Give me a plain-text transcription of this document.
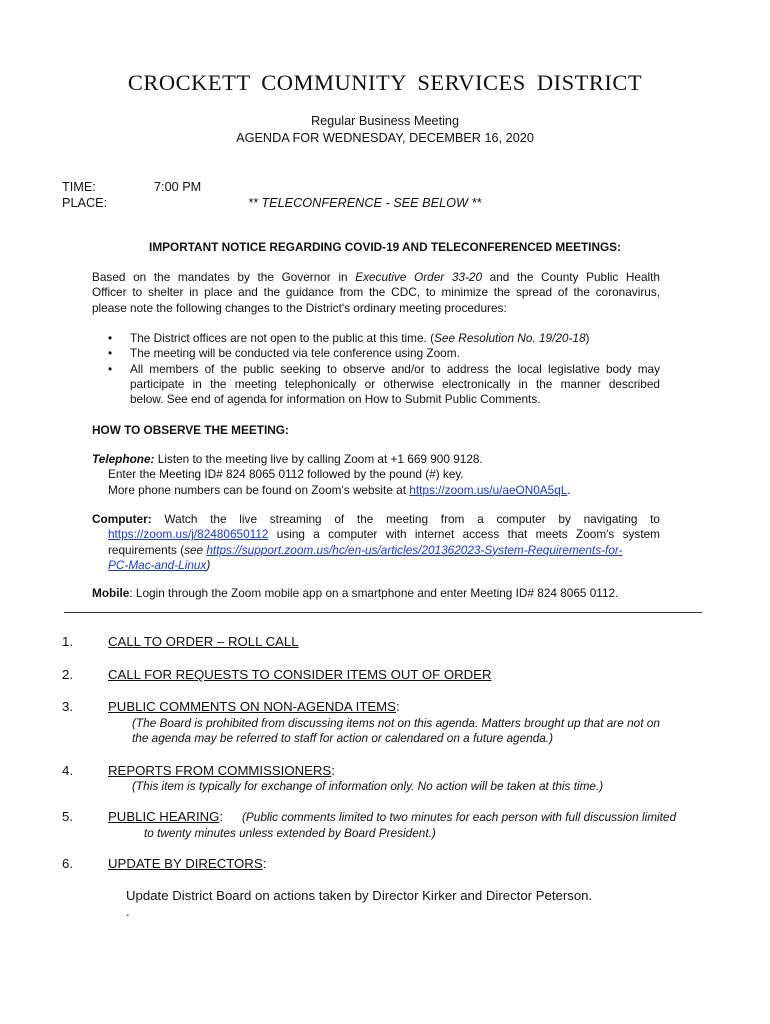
CROCKETT COMMUNITY SERVICES DISTRICT
Regular Business Meeting
AGENDA FOR WEDNESDAY, DECEMBER 16, 2020
TIME:	7:00 PM
PLACE:	** TELECONFERENCE - SEE BELOW **
IMPORTANT NOTICE REGARDING COVID-19 AND TELECONFERENCED MEETINGS:
Based on the mandates by the Governor in Executive Order 33-20 and the County Public Health
Officer to shelter in place and the guidance from the CDC, to minimize the spread of the coronavirus,
please note the following changes to the District's ordinary meeting procedures:
• The District offices are not open to the public at this time. (See Resolution No. 19/20-18)
• The meeting will be conducted via tele conference using Zoom.
• All members of the public seeking to observe and/or to address the local legislative body may
participate in the meeting telephonically or otherwise electronically in the manner described
below. See end of agenda for information on How to Submit Public Comments.
HOW TO OBSERVE THE MEETING:
Telephone: Listen to the meeting live by calling Zoom at +1 669 900 9128.
Enter the Meeting ID# 824 8065 0112 followed by the pound (#) key.
More phone numbers can be found on Zoom's website at https://zoom.us/u/aeON0A5qL.
Computer: Watch the live streaming of the meeting from a computer by navigating to
https://zoom.us/j/82480650112 using a computer with internet access that meets Zoom's system
requirements (see https://support.zoom.us/hc/en-us/articles/201362023-System-Requirements-for-
PC-Mac-and-Linux)
Mobile: Login through the Zoom mobile app on a smartphone and enter Meeting ID# 824 8065 0112.
1.	CALL TO ORDER – ROLL CALL
2.	CALL FOR REQUESTS TO CONSIDER ITEMS OUT OF ORDER
3.	PUBLIC COMMENTS ON NON-AGENDA ITEMS:
(The Board is prohibited from discussing items not on this agenda. Matters brought up that are not on
the agenda may be referred to staff for action or calendared on a future agenda.)
4.	REPORTS FROM COMMISSIONERS:
(This item is typically for exchange of information only. No action will be taken at this time.)
5.	PUBLIC HEARING: (Public comments limited to two minutes for each person with full discussion limited
to twenty minutes unless extended by Board President.)
6.	UPDATE BY DIRECTORS:
Update District Board on actions taken by Director Kirker and Director Peterson.
.
